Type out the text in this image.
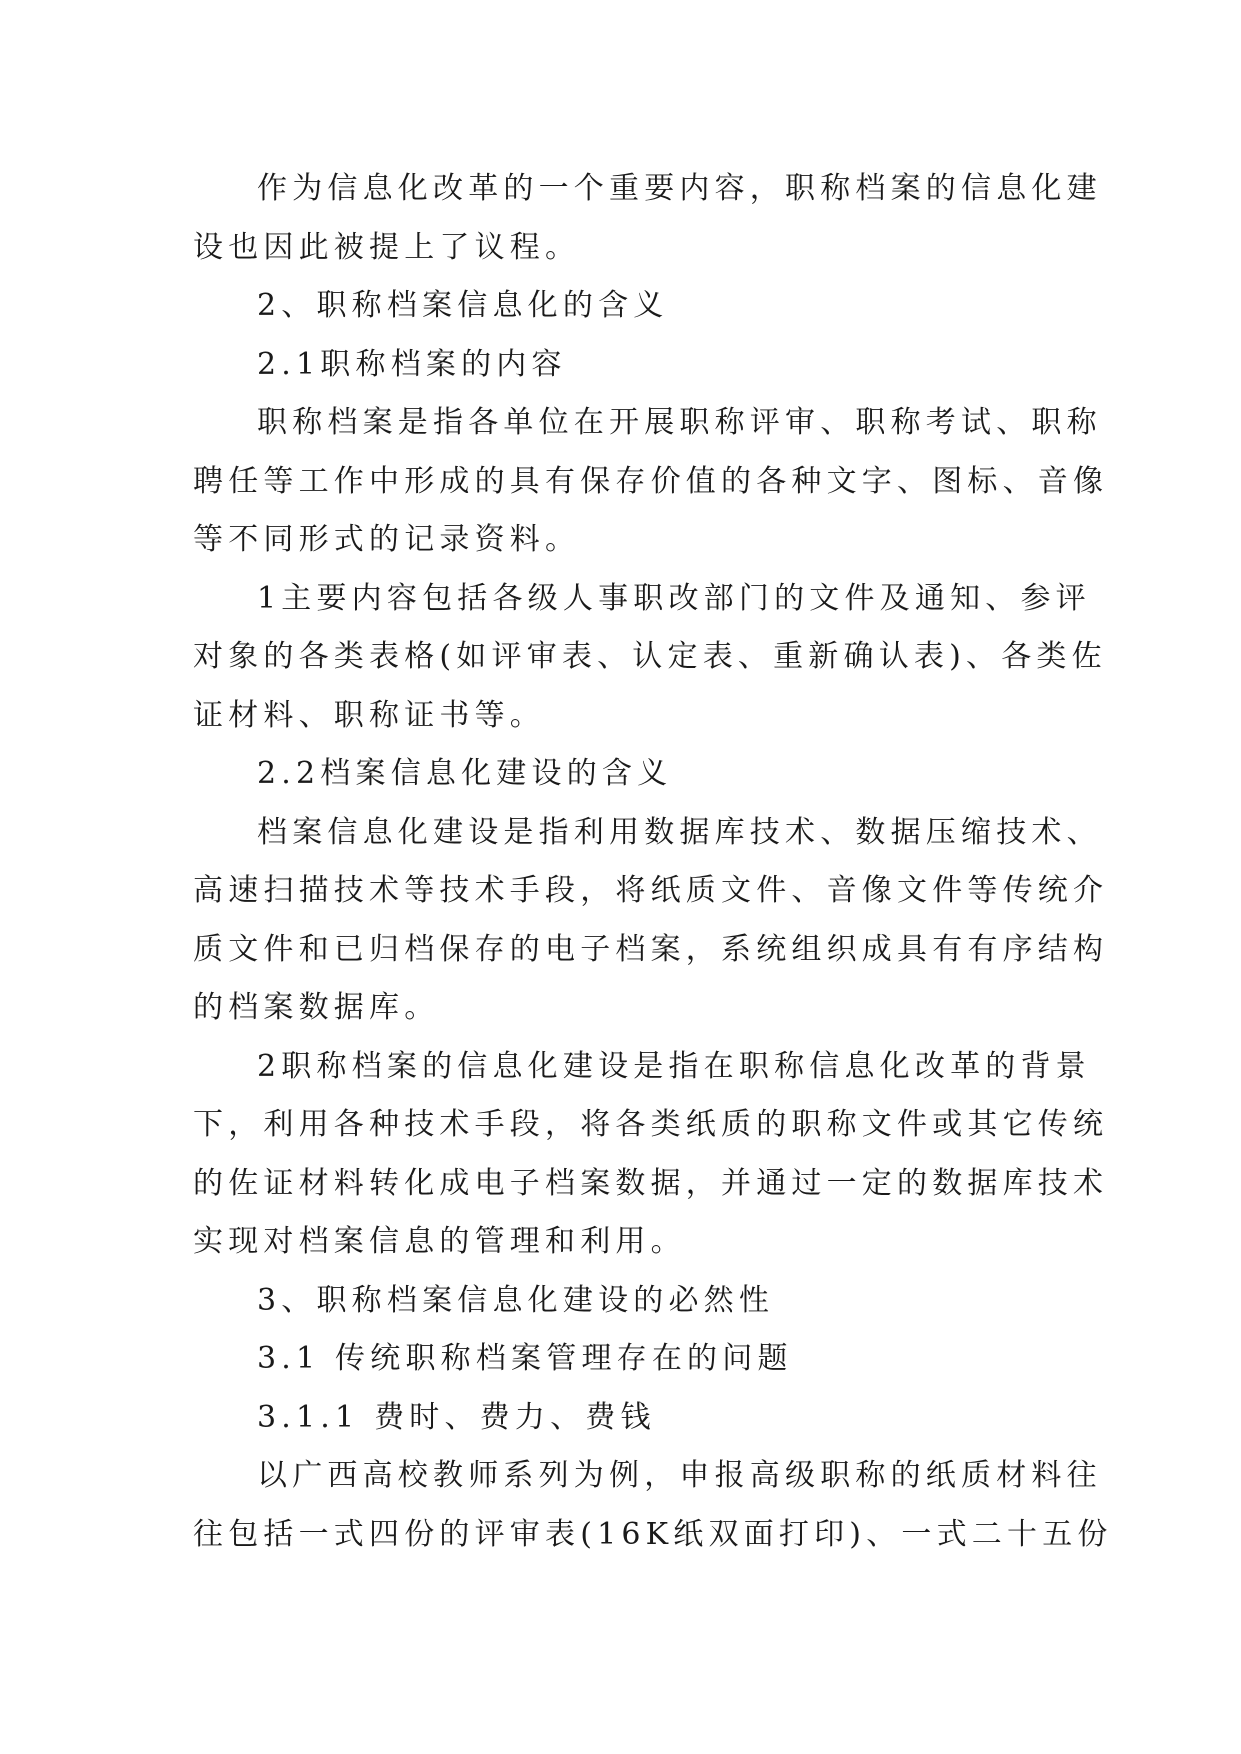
作为信息化改革的一个重要内容，职称档案的信息化建
设也因此被提上了议程。
2、职称档案信息化的含义
2.1职称档案的内容
职称档案是指各单位在开展职称评审、职称考试、职称
聘任等工作中形成的具有保存价值的各种文字、图标、音像
等不同形式的记录资料。
1主要内容包括各级人事职改部门的文件及通知、参评
对象的各类表格(如评审表、认定表、重新确认表)、各类佐
证材料、职称证书等。
2.2档案信息化建设的含义
档案信息化建设是指利用数据库技术、数据压缩技术、
高速扫描技术等技术手段，将纸质文件、音像文件等传统介
质文件和已归档保存的电子档案，系统组织成具有有序结构
的档案数据库。
2职称档案的信息化建设是指在职称信息化改革的背景
下，利用各种技术手段，将各类纸质的职称文件或其它传统
的佐证材料转化成电子档案数据，并通过一定的数据库技术
实现对档案信息的管理和利用。
3、职称档案信息化建设的必然性
3.1 传统职称档案管理存在的问题
3.1.1 费时、费力、费钱
以广西高校教师系列为例，申报高级职称的纸质材料往
往包括一式四份的评审表(16K纸双面打印)、一式二十五份
